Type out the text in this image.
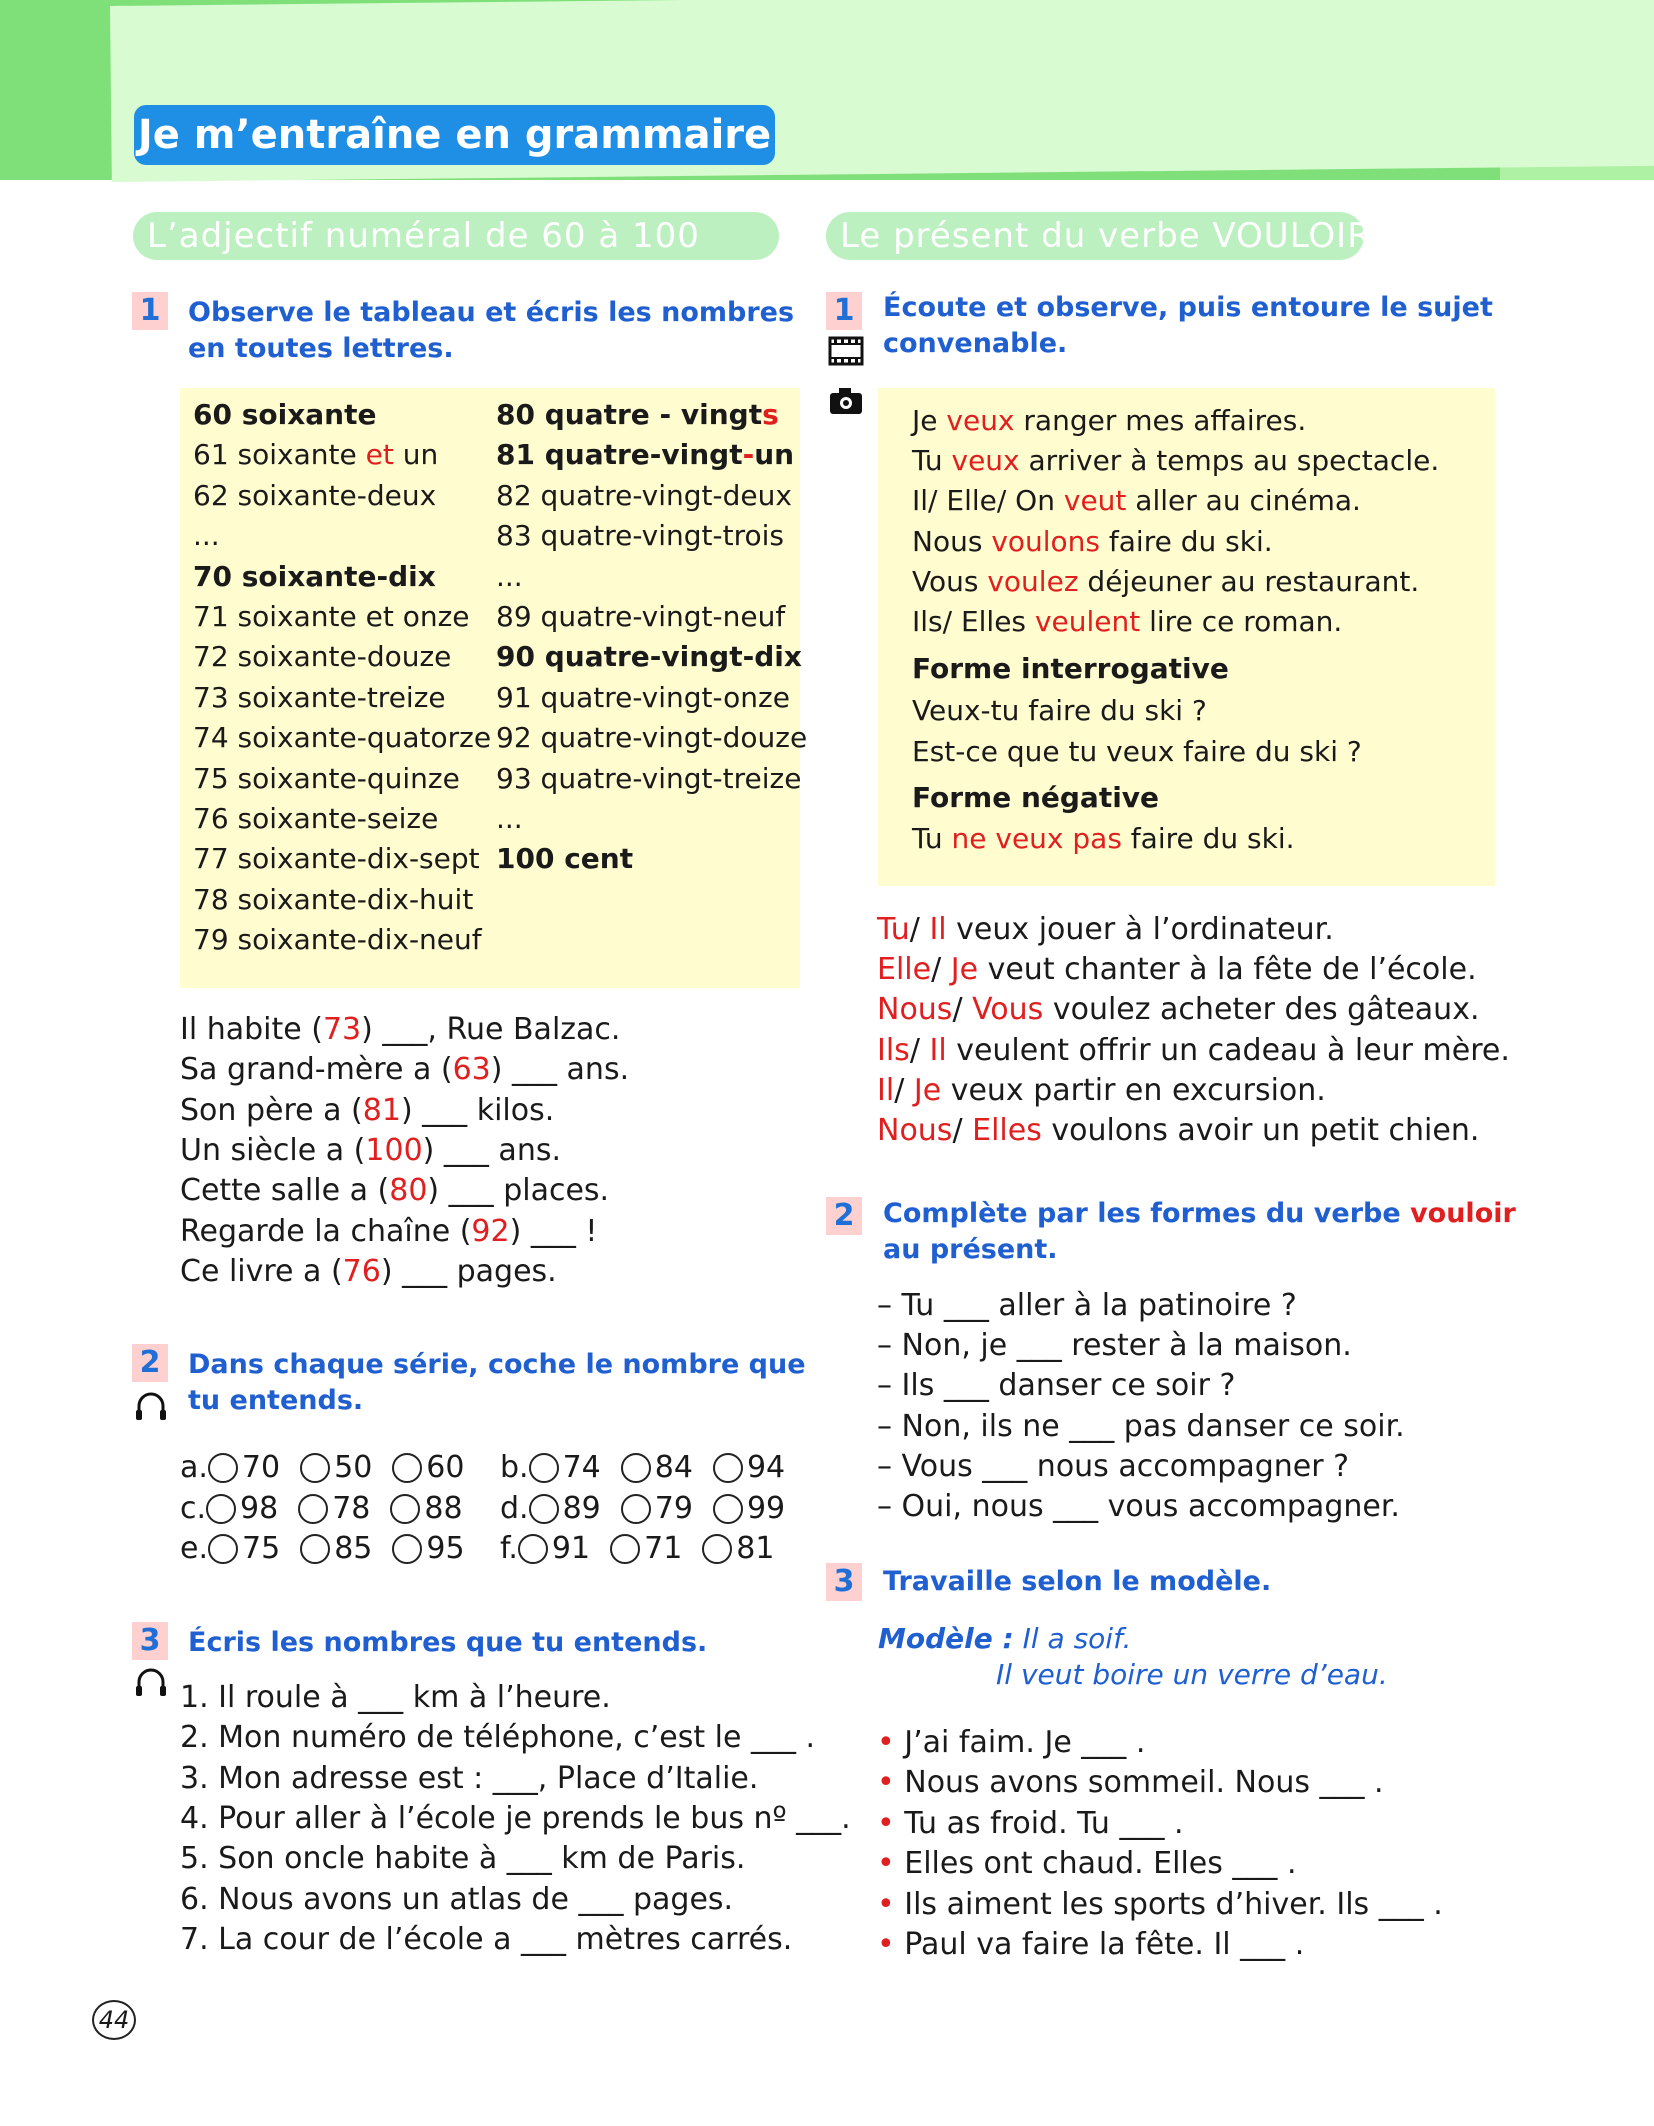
Je m’entraîne en grammaire
L’adjectif numéral de 60 à 100
1 Observe le tableau et écris les nombres
en toutes lettres.
60 soixante
61 soixante et un
62 soixante-deux
...
70 soixante-dix
71 soixante et onze
72 soixante-douze
73 soixante-treize
74 soixante-quatorze
75 soixante-quinze
76 soixante-seize
77 soixante-dix-sept
78 soixante-dix-huit
79 soixante-dix-neuf
80 quatre - vingts
81 quatre-vingt-un
82 quatre-vingt-deux
83 quatre-vingt-trois
...
89 quatre-vingt-neuf
90 quatre-vingt-dix
91 quatre-vingt-onze
92 quatre-vingt-douze
93 quatre-vingt-treize
...
100 cent
Il habite (73) ___, Rue Balzac.
Sa grand-mère a (63) ___ ans.
Son père a (81) ___ kilos.
Un siècle a (100) ___ ans.
Cette salle a (80) ___ places.
Regarde la chaîne (92) ___ !
Ce livre a (76) ___ pages.
2 Dans chaque série, coche le nombre que
tu entends.
a. 70 50 60 b. 74 84 94
c. 98 78 88 d. 89 79 99
e. 75 85 95 f. 91 71 81
3 Écris les nombres que tu entends.
1. Il roule à ___ km à l’heure.
2. Mon numéro de téléphone, c’est le ___ .
3. Mon adresse est : ___, Place d’Italie.
4. Pour aller à l’école je prends le bus nº ___.
5. Son oncle habite à ___ km de Paris.
6. Nous avons un atlas de ___ pages.
7. La cour de l’école a ___ mètres carrés.
Le présent du verbe VOULOIR
1 Écoute et observe, puis entoure le sujet
convenable.
Je veux ranger mes affaires.
Tu veux arriver à temps au spectacle.
Il/ Elle/ On veut aller au cinéma.
Nous voulons faire du ski.
Vous voulez déjeuner au restaurant.
Ils/ Elles veulent lire ce roman.
Forme interrogative
Veux-tu faire du ski ?
Est-ce que tu veux faire du ski ?
Forme négative
Tu ne veux pas faire du ski.
Tu/ Il veux jouer à l’ordinateur.
Elle/ Je veut chanter à la fête de l’école.
Nous/ Vous voulez acheter des gâteaux.
Ils/ Il veulent offrir un cadeau à leur mère.
Il/ Je veux partir en excursion.
Nous/ Elles voulons avoir un petit chien.
2 Complète par les formes du verbe vouloir
au présent.
– Tu ___ aller à la patinoire ?
– Non, je ___ rester à la maison.
– Ils ___ danser ce soir ?
– Non, ils ne ___ pas danser ce soir.
– Vous ___ nous accompagner ?
– Oui, nous ___ vous accompagner.
3 Travaille selon le modèle.
Modèle : Il a soif.
Il veut boire un verre d’eau.
• J’ai faim. Je ___ .
• Nous avons sommeil. Nous ___ .
• Tu as froid. Tu ___ .
• Elles ont chaud. Elles ___ .
• Ils aiment les sports d’hiver. Ils ___ .
• Paul va faire la fête. Il ___ .
44
